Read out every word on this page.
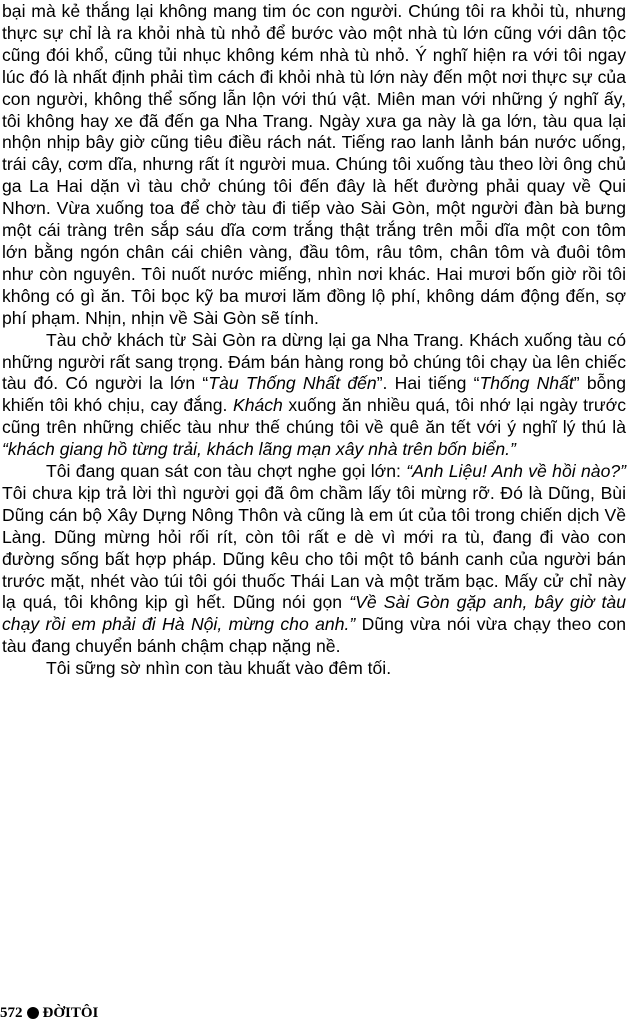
bại mà kẻ thắng lại không mang tim óc con người. Chúng tôi ra khỏi tù, nhưng thực sự chỉ là ra khỏi nhà tù nhỏ để bước vào một nhà tù lớn cũng với dân tộc cũng đói khổ, cũng tủi nhục không kém nhà tù nhỏ. Ý nghĩ hiện ra với tôi ngay lúc đó là nhất định phải tìm cách đi khỏi nhà tù lớn này đến một nơi thực sự của con người, không thể sống lẫn lộn với thú vật. Miên man với những ý nghĩ ấy, tôi không hay xe đã đến ga Nha Trang. Ngày xưa ga này là ga lớn, tàu qua lại nhộn nhịp bây giờ cũng tiêu điều rách nát. Tiếng rao lanh lảnh bán nước uống, trái cây, cơm dĩa, nhưng rất ít người mua. Chúng tôi xuống tàu theo lời ông chủ ga La Hai dặn vì tàu chở chúng tôi đến đây là hết đường phải quay về Qui Nhơn. Vừa xuống toa để chờ tàu đi tiếp vào Sài Gòn, một người đàn bà bưng một cái tràng trên sắp sáu dĩa cơm trắng thật trắng trên mỗi dĩa một con tôm lớn bằng ngón chân cái chiên vàng, đầu tôm, râu tôm, chân tôm và đuôi tôm như còn nguyên. Tôi nuốt nước miếng, nhìn nơi khác. Hai mươi bốn giờ rồi tôi không có gì ăn. Tôi bọc kỹ ba mươi lăm đồng lộ phí, không dám động đến, sợ phí phạm. Nhịn, nhịn về Sài Gòn sẽ tính.

Tàu chở khách từ Sài Gòn ra dừng lại ga Nha Trang. Khách xuống tàu có những người rất sang trọng. Đám bán hàng rong bỏ chúng tôi chạy ùa lên chiếc tàu đó. Có người la lớn “Tàu Thống Nhất đến”. Hai tiếng “Thống Nhất” bỗng khiến tôi khó chịu, cay đắng. Khách xuống ăn nhiều quá, tôi nhớ lại ngày trước cũng trên những chiếc tàu như thế chúng tôi về quê ăn tết với ý nghĩ lý thú là “khách giang hồ từng trải, khách lãng mạn xây nhà trên bốn biển.”

Tôi đang quan sát con tàu chợt nghe gọi lớn: “Anh Liệu! Anh về hồi nào?” Tôi chưa kịp trả lời thì người gọi đã ôm chầm lấy tôi mừng rỡ. Đó là Dũng, Bùi Dũng cán bộ Xây Dựng Nông Thôn và cũng là em út của tôi trong chiến dịch Về Làng. Dũng mừng hỏi rối rít, còn tôi rất e dè vì mới ra tù, đang đi vào con đường sống bất hợp pháp. Dũng kêu cho tôi một tô bánh canh của người bán trước mặt, nhét vào túi tôi gói thuốc Thái Lan và một trăm bạc. Mấy cử chỉ này lạ quá, tôi không kịp gì hết. Dũng nói gọn “Về Sài Gòn gặp anh, bây giờ tàu chạy rồi em phải đi Hà Nội, mừng cho anh.” Dũng vừa nói vừa chạy theo con tàu đang chuyển bánh chậm chạp nặng nề.

Tôi sững sờ nhìn con tàu khuất vào đêm tối.

572 ĐỜITÔI
